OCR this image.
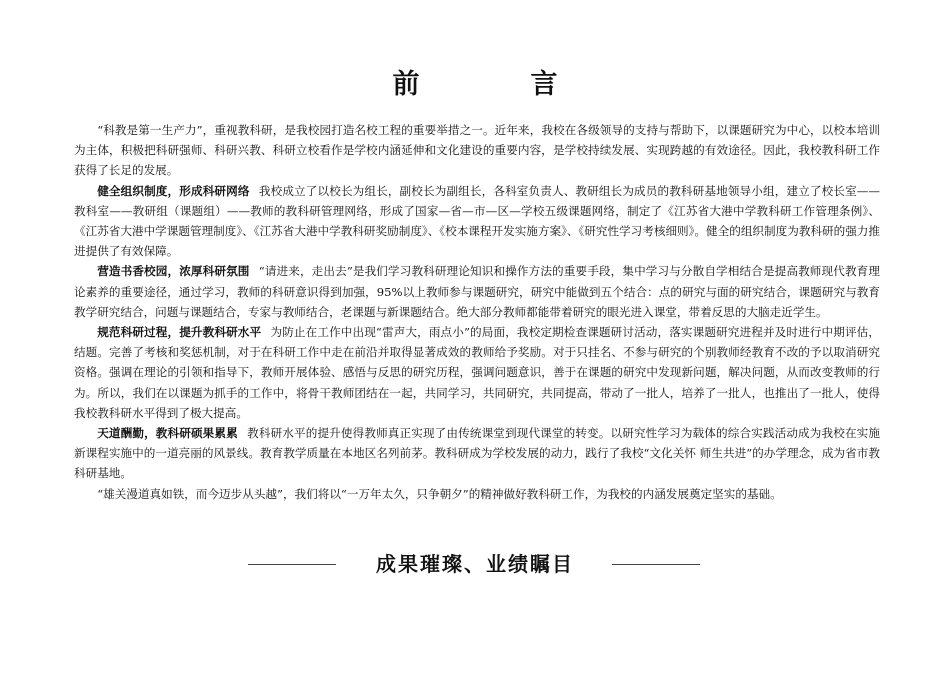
前　言

“科教是第一生产力”，重视教科研，是我校园打造名校工程的重要举措之一。近年来，我校在各级领导的支持与帮助下，以课题研究为中心，以校本培训为主体，积极把科研强师、科研兴教、科研立校看作是学校内涵延伸和文化建设的重要内容，是学校持续发展、实现跨越的有效途径。因此，我校教科研工作获得了长足的发展。

健全组织制度，形成科研网络 我校成立了以校长为组长，副校长为副组长，各科室负责人、教研组长为成员的教科研基地领导小组，建立了校长室——教科室——教研组（课题组）——教师的教科研管理网络，形成了国家—省—市—区—学校五级课题网络，制定了《江苏省大港中学教科研工作管理条例》、《江苏省大港中学课题管理制度》、《江苏省大港中学教科研奖励制度》、《校本课程开发实施方案》、《研究性学习考核细则》。健全的组织制度为教科研的强力推进提供了有效保障。

营造书香校园，浓厚科研氛围 “请进来，走出去”是我们学习教科研理论知识和操作方法的重要手段，集中学习与分散自学相结合是提高教师现代教育理论素养的重要途径，通过学习，教师的科研意识得到加强，95%以上教师参与课题研究，研究中能做到五个结合：点的研究与面的研究结合，课题研究与教育教学研究结合，问题与课题结合，专家与教师结合，老课题与新课题结合。绝大部分教师都能带着研究的眼光进入课堂，带着反思的大脑走近学生。

规范科研过程，提升教科研水平 为防止在工作中出现“雷声大，雨点小”的局面，我校定期检查课题研讨活动，落实课题研究进程并及时进行中期评估，结题。完善了考核和奖惩机制，对于在科研工作中走在前沿并取得显著成效的教师给予奖励。对于只挂名、不参与研究的个别教师经教育不改的予以取消研究资格。强调在理论的引领和指导下，教师开展体验、感悟与反思的研究历程，强调问题意识，善于在课题的研究中发现新问题，解决问题，从而改变教师的行为。所以，我们在以课题为抓手的工作中，将骨干教师团结在一起，共同学习，共同研究，共同提高，带动了一批人，培养了一批人，也推出了一批人，使得我校教科研水平得到了极大提高。

天道酬勤，教科研硕果累累 教科研水平的提升使得教师真正实现了由传统课堂到现代课堂的转变。以研究性学习为载体的综合实践活动成为我校在实施新课程实施中的一道亮丽的风景线。教育教学质量在本地区名列前茅。教科研成为学校发展的动力，践行了我校“文化关怀 师生共进”的办学理念，成为省市教科研基地。

“雄关漫道真如铁，而今迈步从头越”，我们将以“一万年太久，只争朝夕”的精神做好教科研工作，为我校的内涵发展奠定坚实的基础。

成果璀璨、业绩瞩目
